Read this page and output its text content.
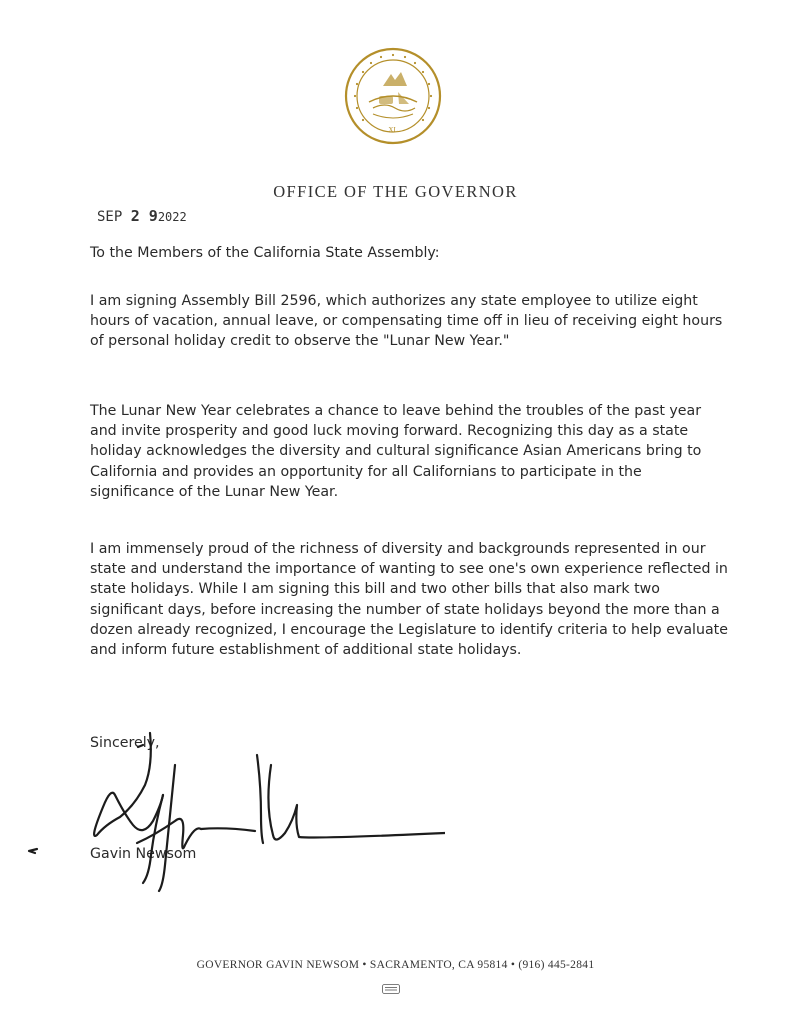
XL
OFFICE OF THE GOVERNOR
SEP 2 92022
To the Members of the California State Assembly:

I am signing Assembly Bill 2596, which authorizes any state employee to utilize eight hours of vacation, annual leave, or compensating time off in lieu of receiving eight hours of personal holiday credit to observe the "Lunar New Year."

The Lunar New Year celebrates a chance to leave behind the troubles of the past year and invite prosperity and good luck moving forward. Recognizing this day as a state holiday acknowledges the diversity and cultural significance Asian Americans bring to California and provides an opportunity for all Californians to participate in the significance of the Lunar New Year.

I am immensely proud of the richness of diversity and backgrounds represented in our state and understand the importance of wanting to see one's own experience reflected in state holidays. While I am signing this bill and two other bills that also mark two significant days, before increasing the number of state holidays beyond the more than a dozen already recognized, I encourage the Legislature to identify criteria to help evaluate and inform future establishment of additional state holidays.

Sincerely,
Gavin Newsom
GOVERNOR GAVIN NEWSOM • SACRAMENTO, CA 95814 • (916) 445-2841
